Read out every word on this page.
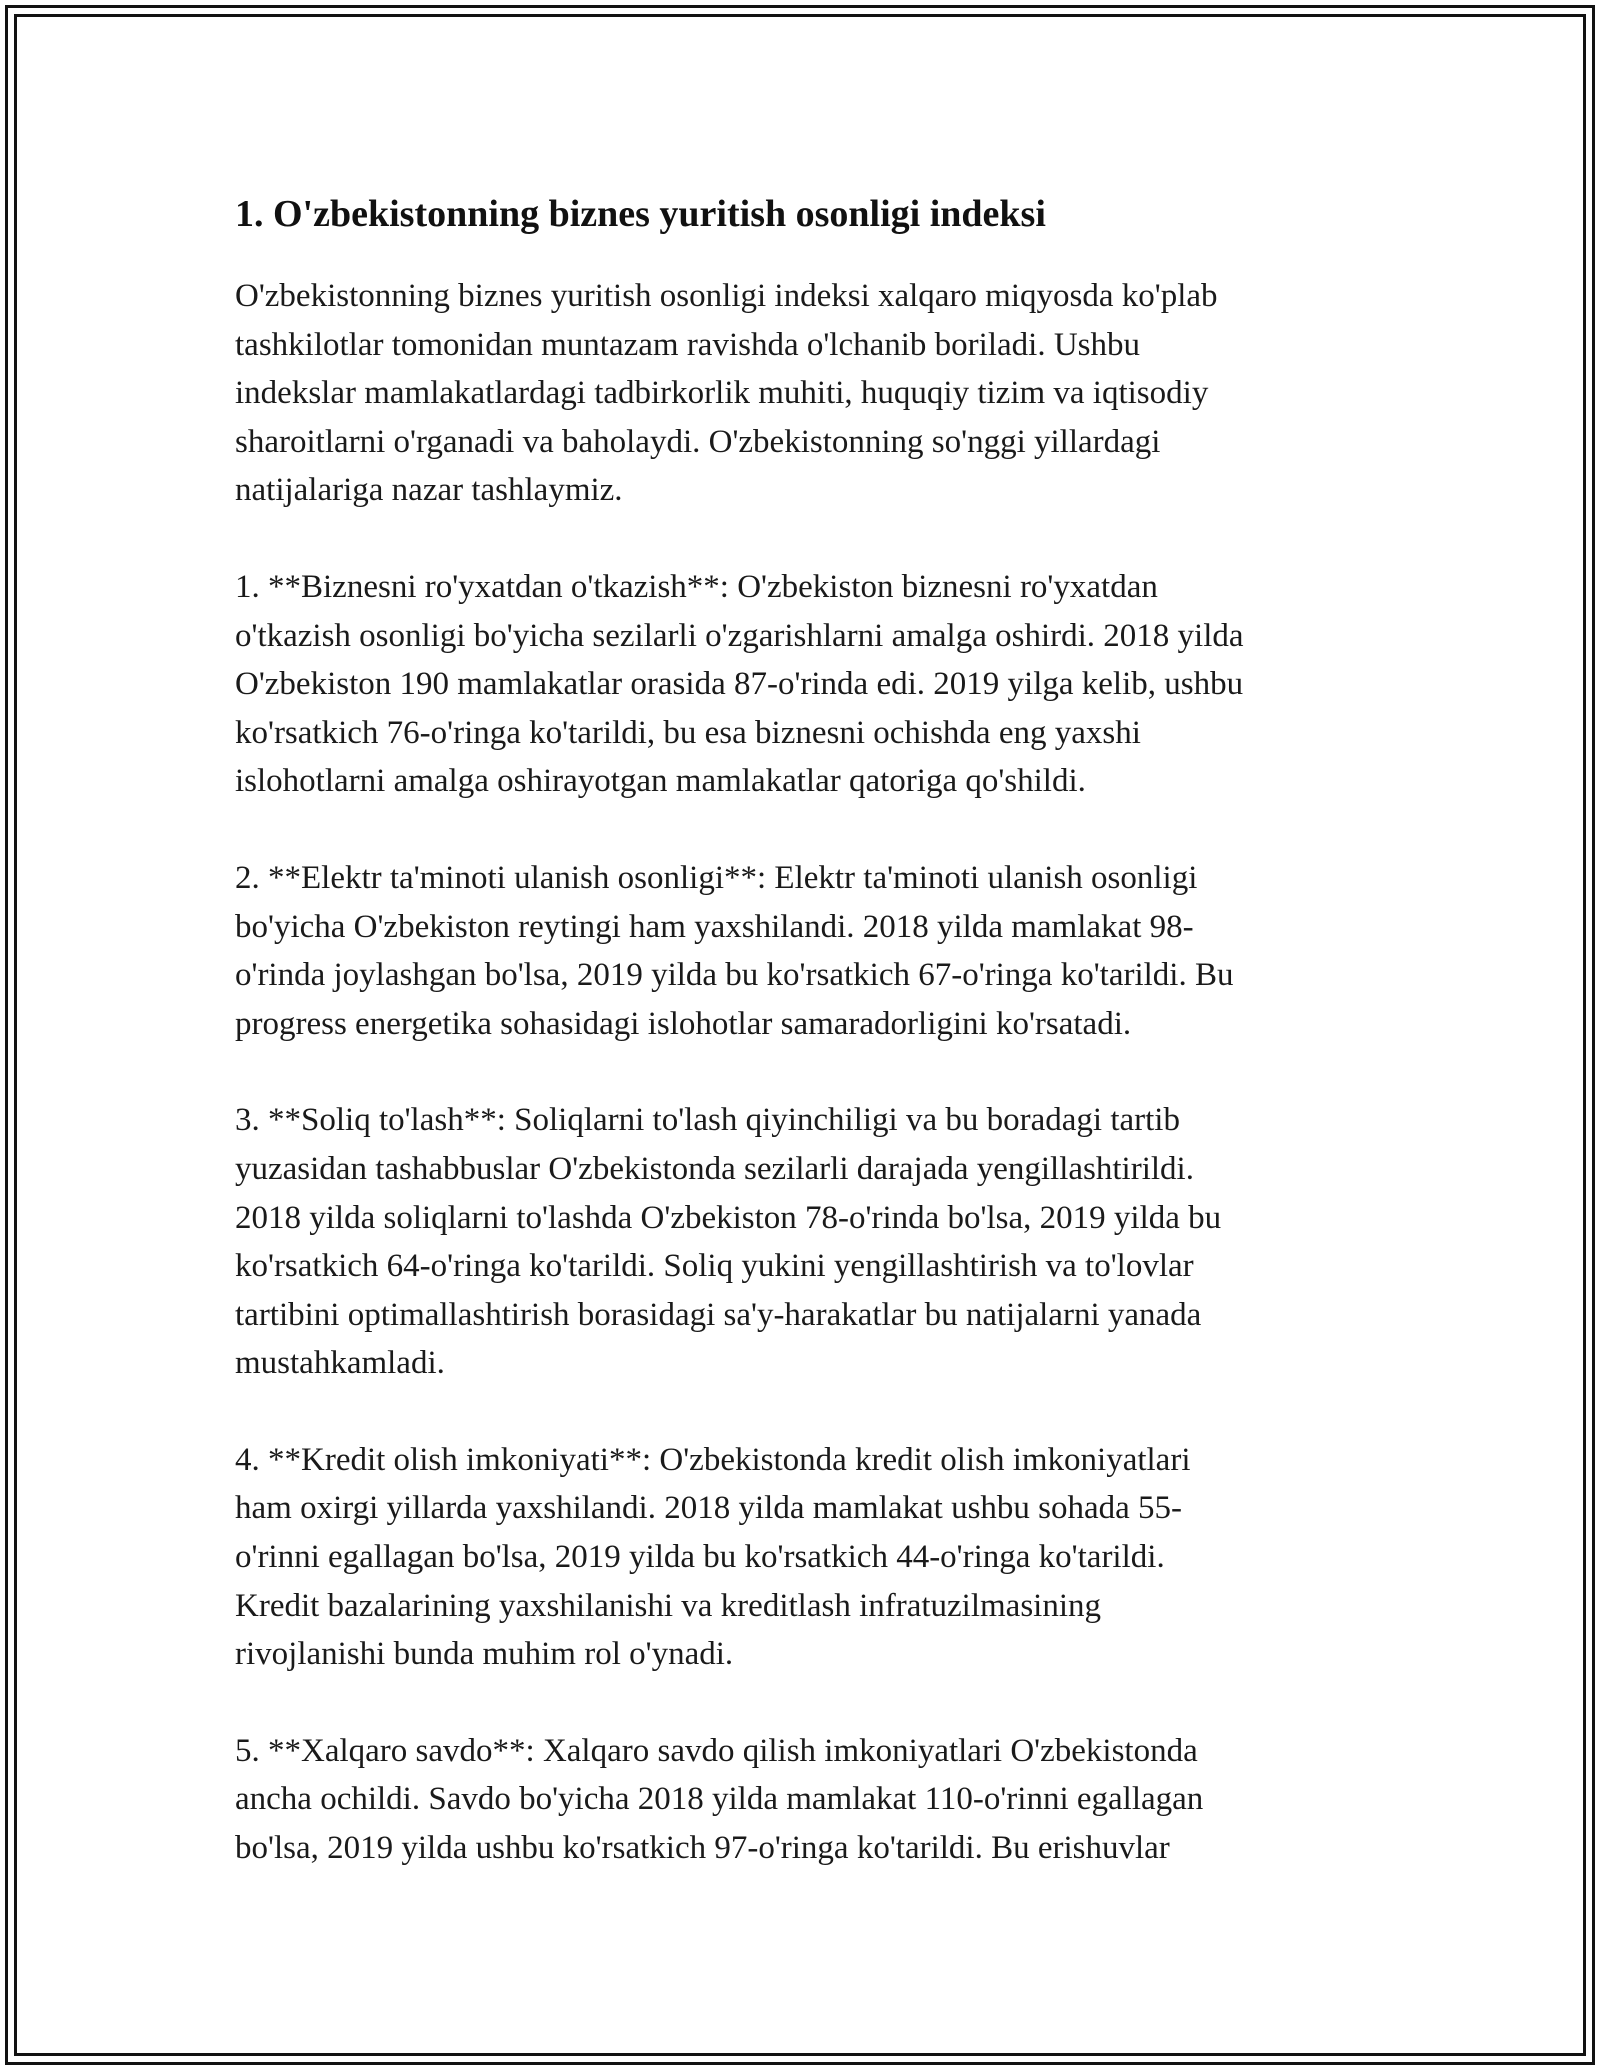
1. O'zbekistonning biznes yuritish osonligi indeksi

O'zbekistonning biznes yuritish osonligi indeksi xalqaro miqyosda ko'plab
tashkilotlar tomonidan muntazam ravishda o'lchanib boriladi. Ushbu
indekslar mamlakatlardagi tadbirkorlik muhiti, huquqiy tizim va iqtisodiy
sharoitlarni o'rganadi va baholaydi. O'zbekistonning so'nggi yillardagi
natijalariga nazar tashlaymiz.

1. **Biznesni ro'yxatdan o'tkazish**: O'zbekiston biznesni ro'yxatdan
o'tkazish osonligi bo'yicha sezilarli o'zgarishlarni amalga oshirdi. 2018 yilda
O'zbekiston 190 mamlakatlar orasida 87-o'rinda edi. 2019 yilga kelib, ushbu
ko'rsatkich 76-o'ringa ko'tarildi, bu esa biznesni ochishda eng yaxshi
islohotlarni amalga oshirayotgan mamlakatlar qatoriga qo'shildi.

2. **Elektr ta'minoti ulanish osonligi**: Elektr ta'minoti ulanish osonligi
bo'yicha O'zbekiston reytingi ham yaxshilandi. 2018 yilda mamlakat 98-
o'rinda joylashgan bo'lsa, 2019 yilda bu ko'rsatkich 67-o'ringa ko'tarildi. Bu
progress energetika sohasidagi islohotlar samaradorligini ko'rsatadi.

3. **Soliq to'lash**: Soliqlarni to'lash qiyinchiligi va bu boradagi tartib
yuzasidan tashabbuslar O'zbekistonda sezilarli darajada yengillashtirildi.
2018 yilda soliqlarni to'lashda O'zbekiston 78-o'rinda bo'lsa, 2019 yilda bu
ko'rsatkich 64-o'ringa ko'tarildi. Soliq yukini yengillashtirish va to'lovlar
tartibini optimallashtirish borasidagi sa'y-harakatlar bu natijalarni yanada
mustahkamladi.

4. **Kredit olish imkoniyati**: O'zbekistonda kredit olish imkoniyatlari
ham oxirgi yillarda yaxshilandi. 2018 yilda mamlakat ushbu sohada 55-
o'rinni egallagan bo'lsa, 2019 yilda bu ko'rsatkich 44-o'ringa ko'tarildi.
Kredit bazalarining yaxshilanishi va kreditlash infratuzilmasining
rivojlanishi bunda muhim rol o'ynadi.

5. **Xalqaro savdo**: Xalqaro savdo qilish imkoniyatlari O'zbekistonda
ancha ochildi. Savdo bo'yicha 2018 yilda mamlakat 110-o'rinni egallagan
bo'lsa, 2019 yilda ushbu ko'rsatkich 97-o'ringa ko'tarildi. Bu erishuvlar
